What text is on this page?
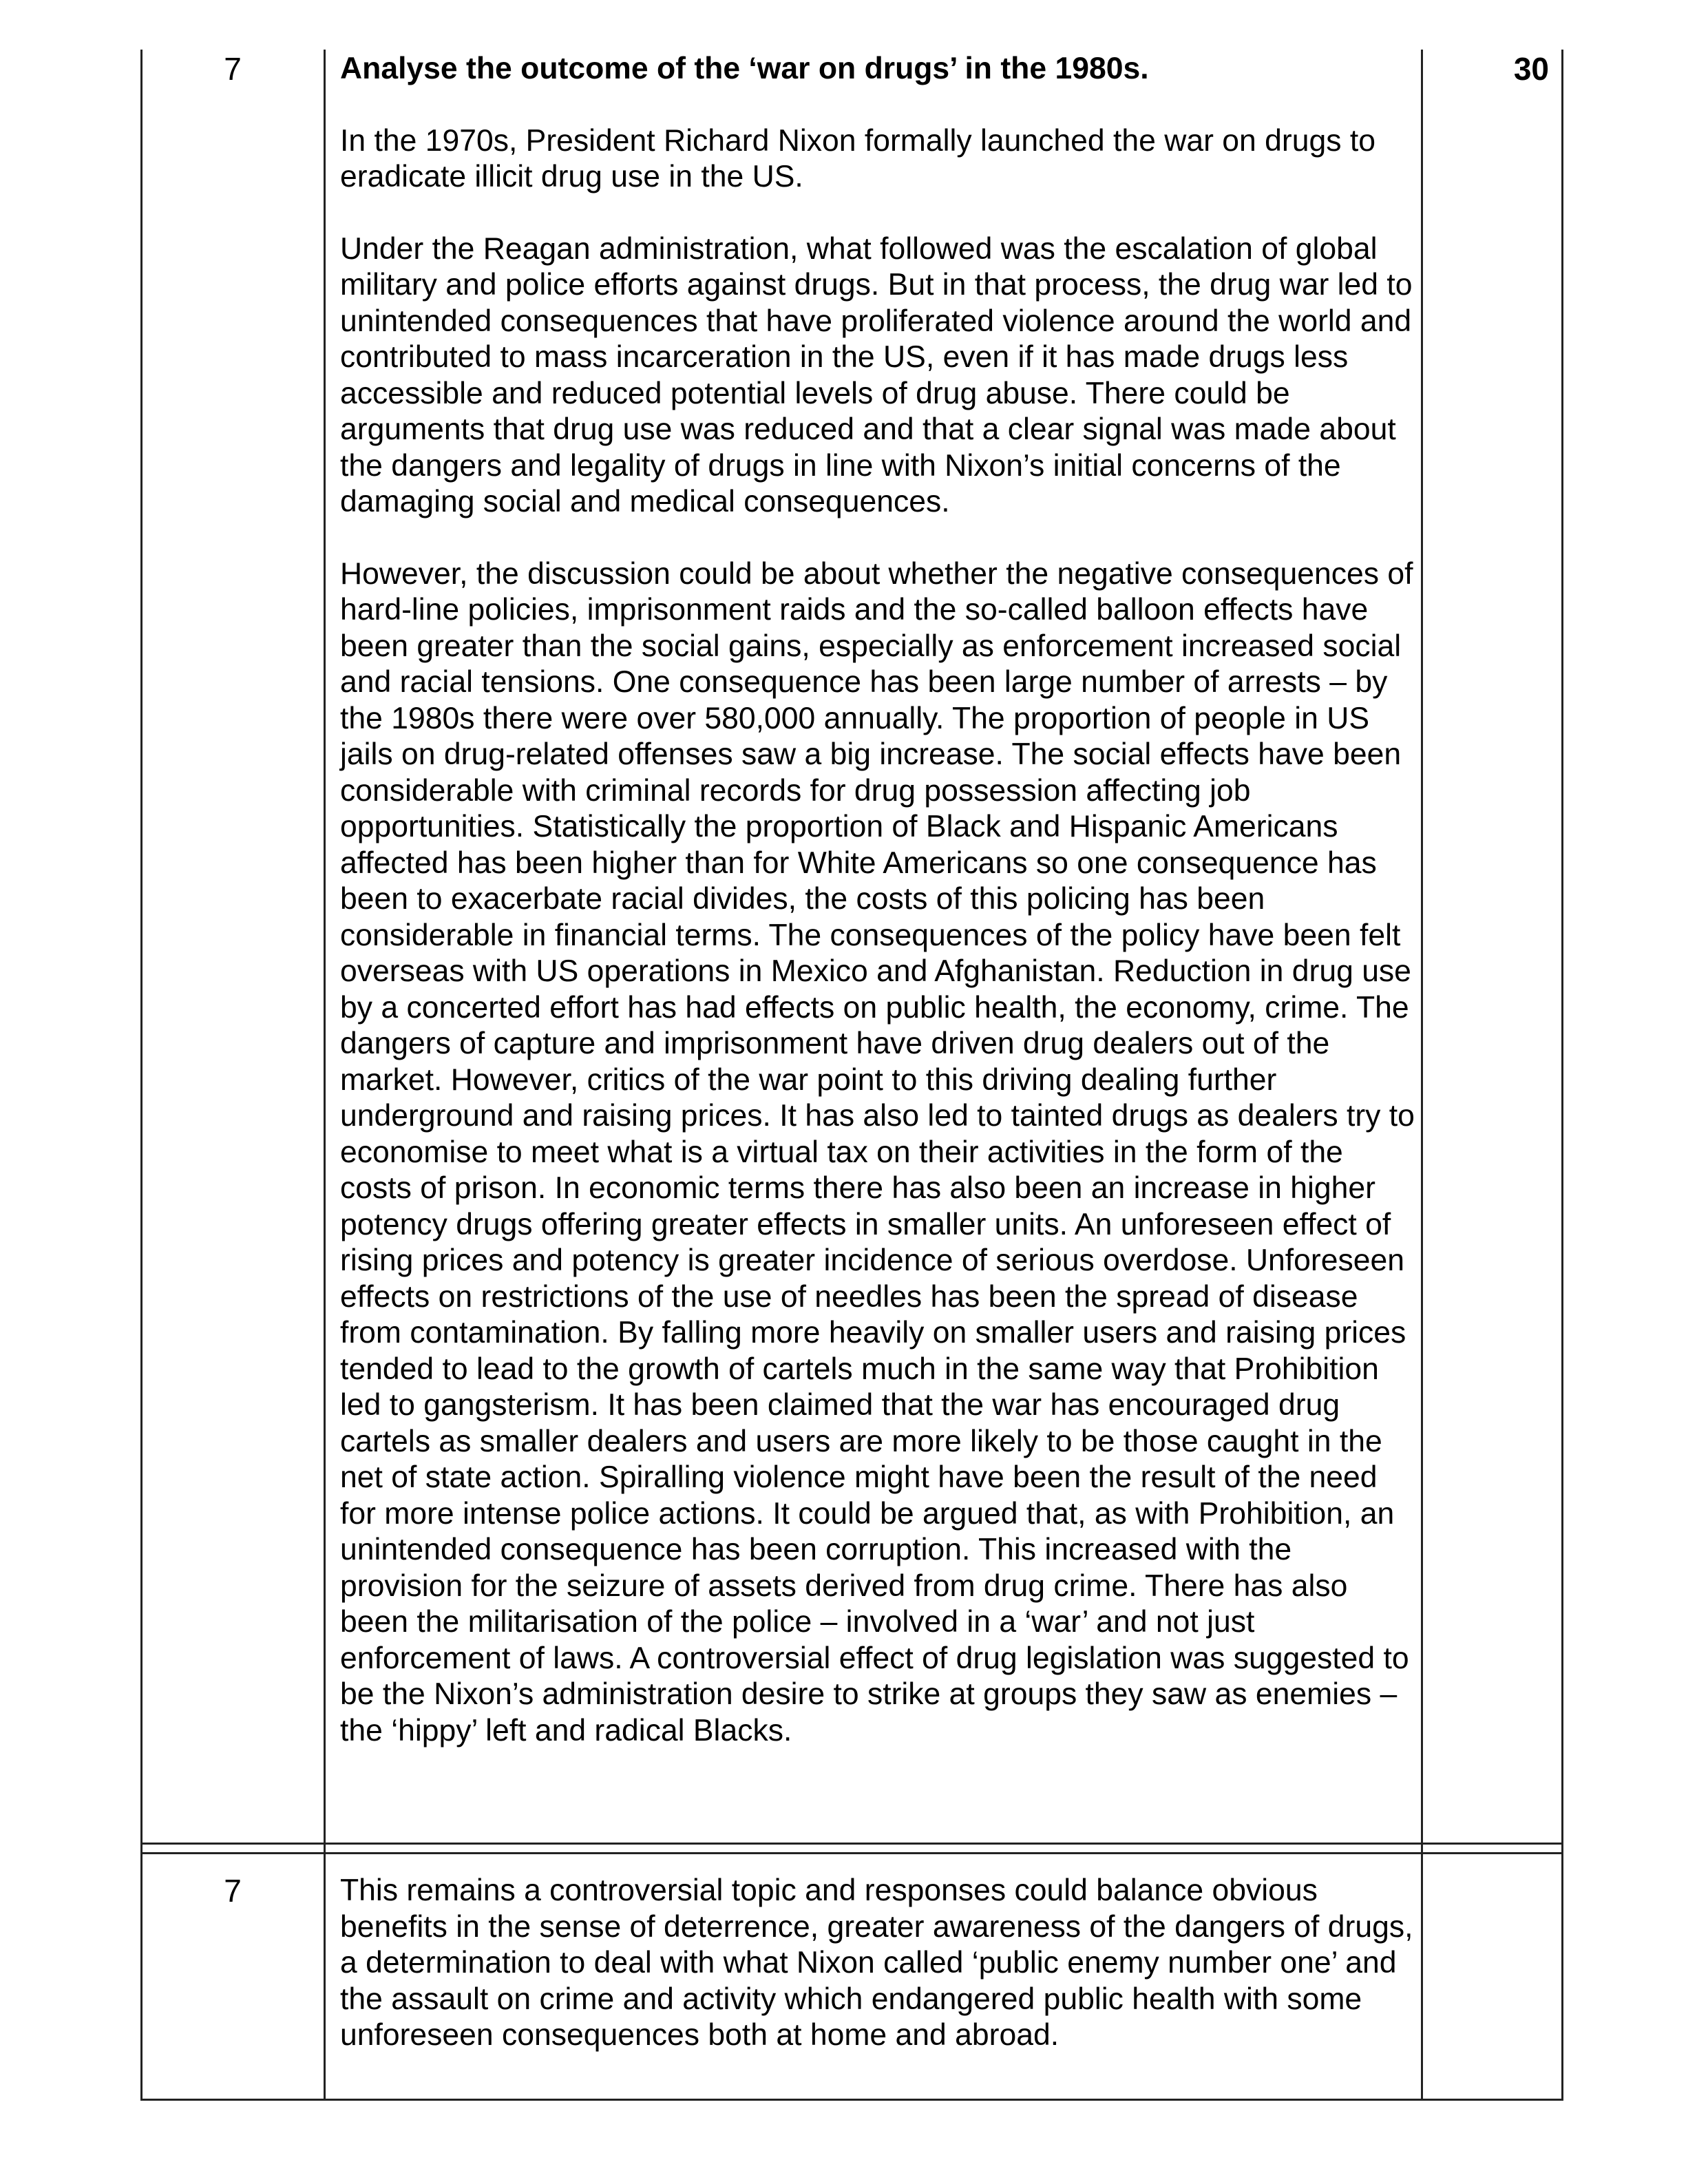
7	30

Analyse the outcome of the ‘war on drugs’ in the 1980s.

In the 1970s, President Richard Nixon formally launched the war on drugs to eradicate illicit drug use in the US.

Under the Reagan administration, what followed was the escalation of global military and police efforts against drugs. But in that process, the drug war led to unintended consequences that have proliferated violence around the world and contributed to mass incarceration in the US, even if it has made drugs less accessible and reduced potential levels of drug abuse. There could be arguments that drug use was reduced and that a clear signal was made about the dangers and legality of drugs in line with Nixon’s initial concerns of the damaging social and medical consequences.

However, the discussion could be about whether the negative consequences of hard-line policies, imprisonment raids and the so-called balloon effects have been greater than the social gains, especially as enforcement increased social and racial tensions. One consequence has been large number of arrests – by the 1980s there were over 580,000 annually. The proportion of people in US jails on drug-related offenses saw a big increase. The social effects have been considerable with criminal records for drug possession affecting job opportunities. Statistically the proportion of Black and Hispanic Americans affected has been higher than for White Americans so one consequence has been to exacerbate racial divides, the costs of this policing has been considerable in financial terms. The consequences of the policy have been felt overseas with US operations in Mexico and Afghanistan. Reduction in drug use by a concerted effort has had effects on public health, the economy, crime. The dangers of capture and imprisonment have driven drug dealers out of the market. However, critics of the war point to this driving dealing further underground and raising prices. It has also led to tainted drugs as dealers try to economise to meet what is a virtual tax on their activities in the form of the costs of prison. In economic terms there has also been an increase in higher potency drugs offering greater effects in smaller units. An unforeseen effect of rising prices and potency is greater incidence of serious overdose. Unforeseen effects on restrictions of the use of needles has been the spread of disease from contamination. By falling more heavily on smaller users and raising prices tended to lead to the growth of cartels much in the same way that Prohibition led to gangsterism. It has been claimed that the war has encouraged drug cartels as smaller dealers and users are more likely to be those caught in the net of state action. Spiralling violence might have been the result of the need for more intense police actions. It could be argued that, as with Prohibition, an unintended consequence has been corruption. This increased with the provision for the seizure of assets derived from drug crime. There has also been the militarisation of the police – involved in a ‘war’ and not just enforcement of laws. A controversial effect of drug legislation was suggested to be the Nixon’s administration desire to strike at groups they saw as enemies – the ‘hippy’ left and radical Blacks.

7	This remains a controversial topic and responses could balance obvious benefits in the sense of deterrence, greater awareness of the dangers of drugs, a determination to deal with what Nixon called ‘public enemy number one’ and the assault on crime and activity which endangered public health with some unforeseen consequences both at home and abroad.
